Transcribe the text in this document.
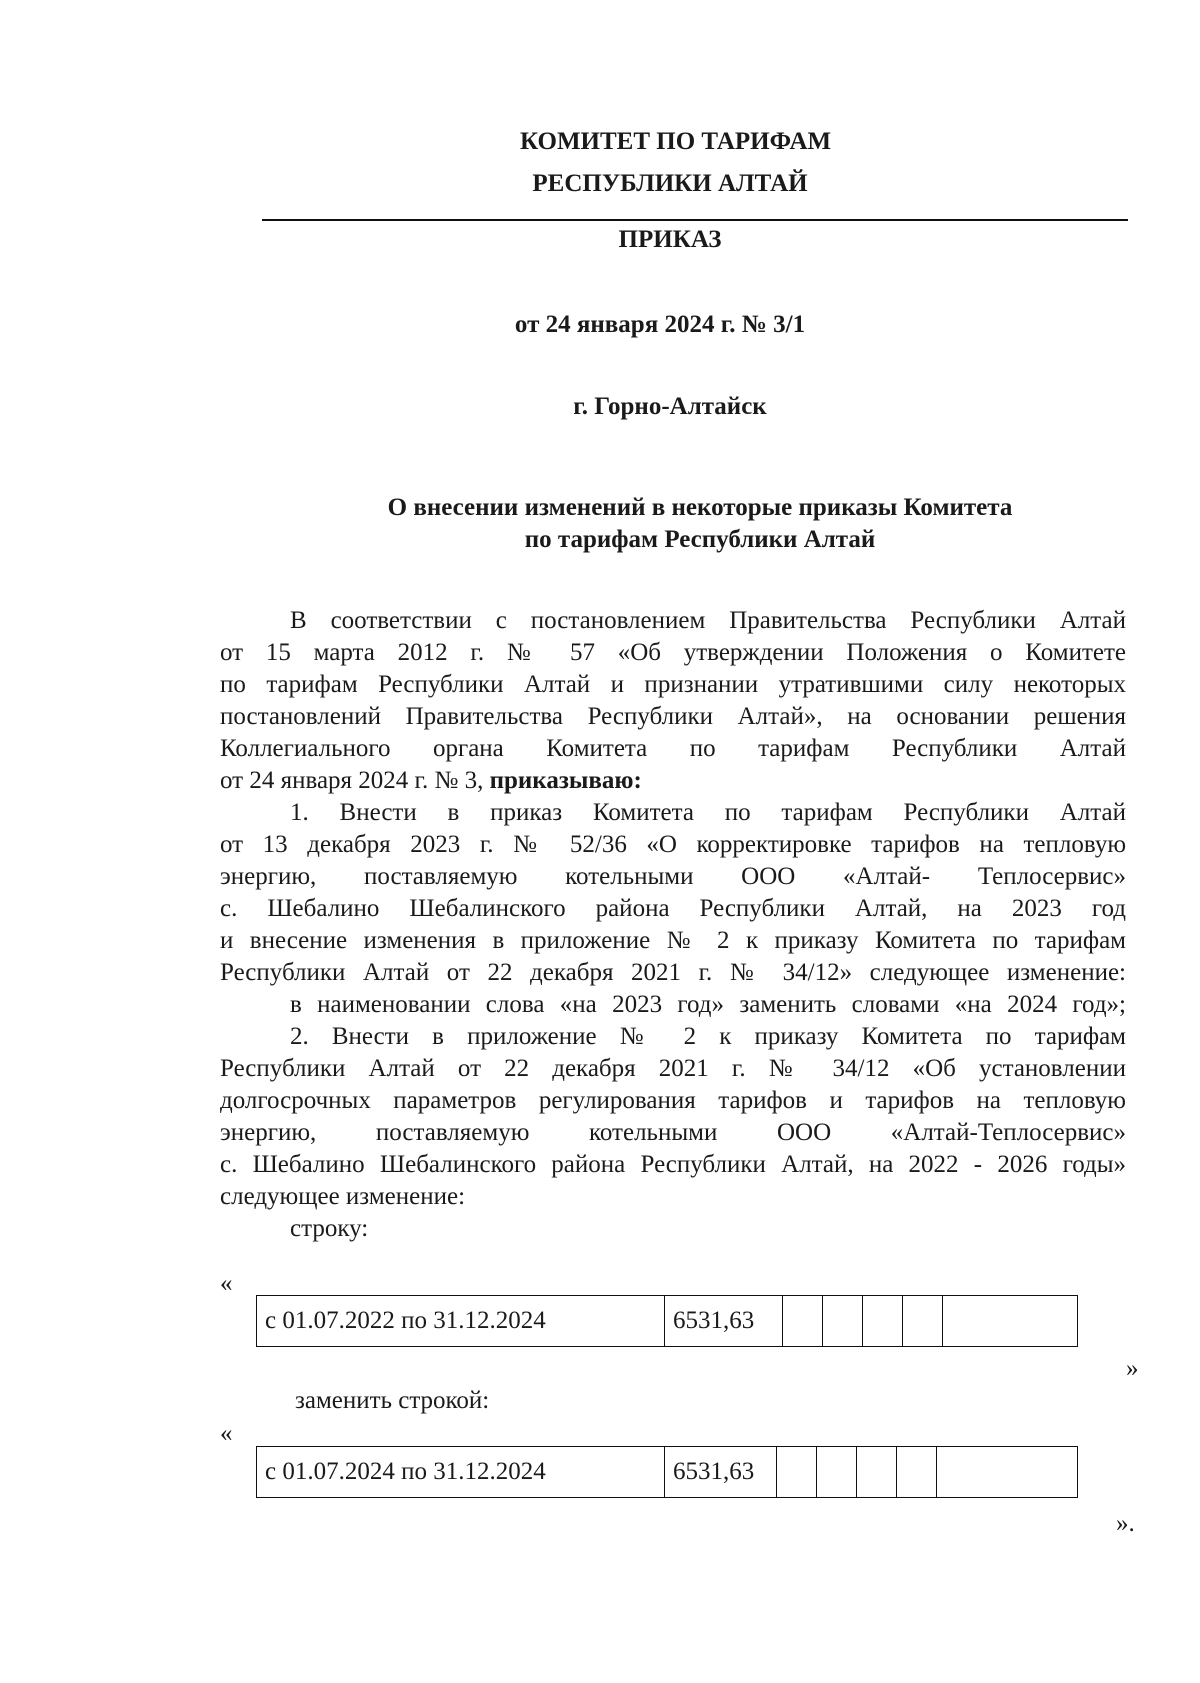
КОМИТЕТ ПО ТАРИФАМ
РЕСПУБЛИКИ АЛТАЙ
ПРИКАЗ
от 24 января 2024 г. № 3/1
г. Горно-Алтайск
О внесении изменений в некоторые приказы Комитета
по тарифам Республики Алтай

В соответствии с постановлением Правительства Республики Алтай

от 15 марта 2012 г. № 57 «Об утверждении Положения о Комитете

по тарифам Республики Алтай и признании утратившими силу некоторых

постановлений Правительства Республики Алтай», на основании решения

Коллегиального органа Комитета по тарифам Республики Алтай

от 24 января 2024 г. № 3, приказываю:

1. Внести в приказ Комитета по тарифам Республики Алтай

от 13 декабря 2023 г. № 52/36 «О корректировке тарифов на тепловую

энергию, поставляемую котельными ООО «Алтай- Теплосервис»

с. Шебалино Шебалинского района Республики Алтай, на 2023 год

и внесение изменения в приложение № 2 к приказу Комитета по тарифам

Республики Алтай от 22 декабря 2021 г. № 34/12» следующее изменение:

в наименовании слова «на 2023 год» заменить словами «на 2024 год»;

2. Внести в приложение № 2 к приказу Комитета по тарифам

Республики Алтай от 22 декабря 2021 г. № 34/12 «Об установлении

долгосрочных параметров регулирования тарифов и тарифов на тепловую

энергию, поставляемую котельными ООО «Алтай-Теплосервис»

с. Шебалино Шебалинского района Республики Алтай, на 2022 - 2026 годы»

следующее изменение:

строку:

«
с 01.07.2022 по 31.12.2024	6531,63					
»
заменить строкой:
«
с 01.07.2024 по 31.12.2024	6531,63					
».
